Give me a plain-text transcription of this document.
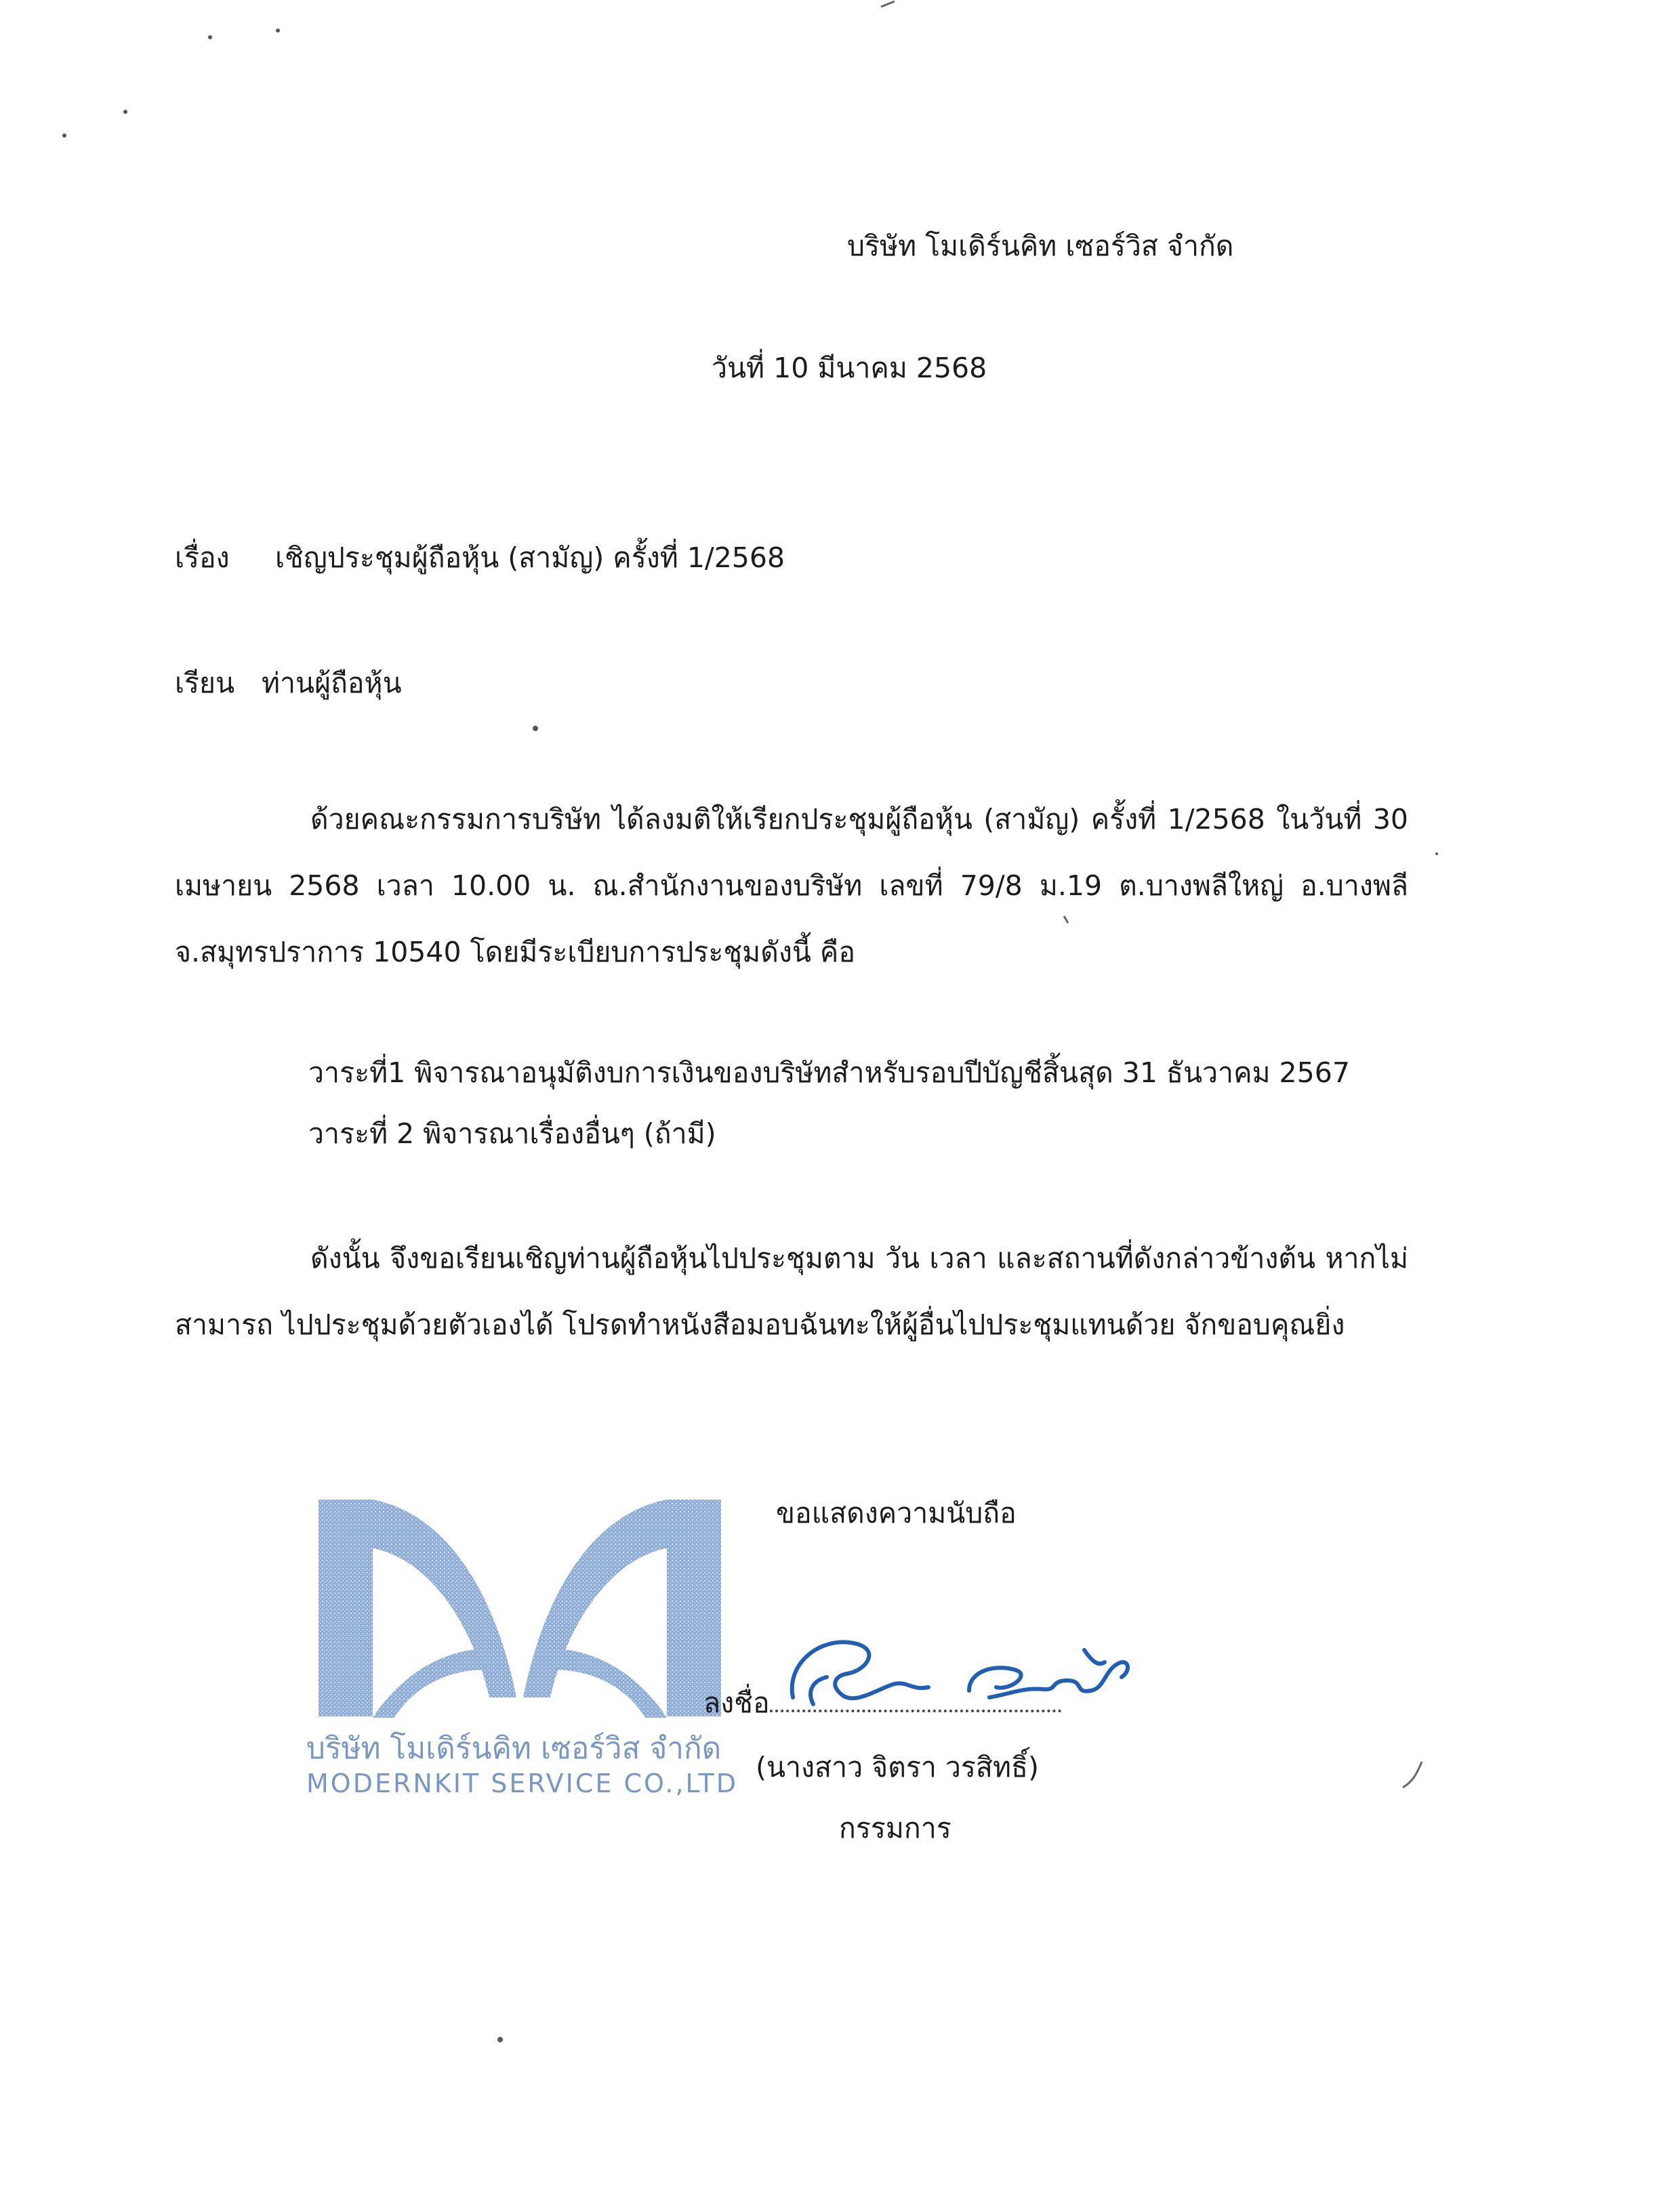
บริษัท โมเดิร์นคิท เซอร์วิส จำกัด
วันที่ 10 มีนาคม 2568
เรื่อง เชิญประชุมผู้ถือหุ้น (สามัญ) ครั้งที่ 1/2568
เรียน ท่านผู้ถือหุ้น
ด้วยคณะกรรมการบริษัท ได้ลงมติให้เรียกประชุมผู้ถือหุ้น (สามัญ) ครั้งที่ 1/2568 ในวันที่ 30 เมษายน 2568 เวลา 10.00 น. ณ.สำนักงานของบริษัท เลขที่ 79/8 ม.19 ต.บางพลีใหญ่ อ.บางพลี จ.สมุทรปราการ 10540 โดยมีระเบียบการประชุมดังนี้ คือ
วาระที่1 พิจารณาอนุมัติงบการเงินของบริษัทสำหรับรอบปีบัญชีสิ้นสุด 31 ธันวาคม 2567
วาระที่ 2 พิจารณาเรื่องอื่นๆ (ถ้ามี)
ดังนั้น จึงขอเรียนเชิญท่านผู้ถือหุ้นไปประชุมตาม วัน เวลา และสถานที่ดังกล่าวข้างต้น หากไม่สามารถ ไปประชุมด้วยตัวเองได้ โปรดทำหนังสือมอบฉันทะให้ผู้อื่นไปประชุมแทนด้วย จักขอบคุณยิ่ง
ขอแสดงความนับถือ
บริษัท โมเดิร์นคิท เซอร์วิส จำกัด
MODERNKIT SERVICE CO.,LTD
ลงชื่อ
(นางสาว จิตรา วรสิทธิ์)
กรรมการ
